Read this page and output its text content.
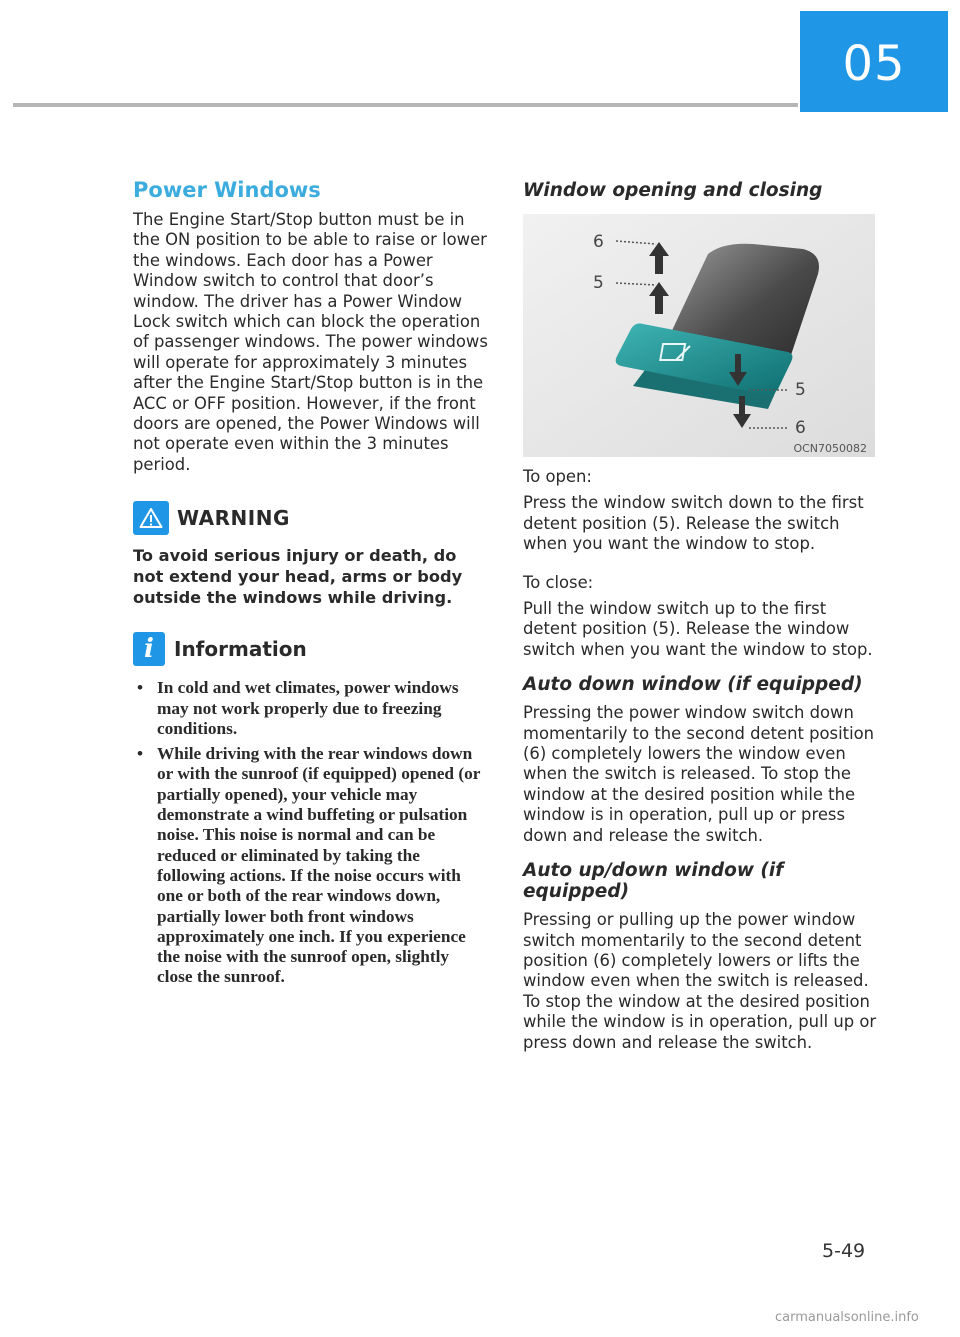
05
Power Windows

The Engine Start/Stop button must be in the ON position to be able to raise or lower the windows. Each door has a Power Window switch to control that door’s window. The driver has a Power Window Lock switch which can block the operation of passenger windows. The power windows will operate for approximately 3 minutes after the Engine Start/Stop button is in the ACC or OFF position. However, if the front doors are opened, the Power Windows will not operate even within the 3 minutes period.

WARNING

To avoid serious injury or death, do not extend your head, arms or body outside the windows while driving.

i	Information
• In cold and wet climates, power windows may not work properly due to freezing conditions.
• While driving with the rear windows down or with the sunroof (if equipped) opened (or partially opened), your vehicle may demonstrate a wind buffeting or pulsation noise. This noise is normal and can be reduced or eliminated by taking the following actions. If the noise occurs with one or both of the rear windows down, partially lower both front windows approximately one inch. If you experience the noise with the sunroof open, slightly close the sunroof.
Window opening and closing
6
5
5
6
OCN7050082

To open:

Press the window switch down to the first detent position (5). Release the switch when you want the window to stop.

To close:

Pull the window switch up to the first detent position (5). Release the window switch when you want the window to stop.

Auto down window (if equipped)

Pressing the power window switch down momentarily to the second detent position (6) completely lowers the window even when the switch is released. To stop the window at the desired position while the window is in operation, pull up or press down and release the switch.

Auto up/down window (if equipped)

Pressing or pulling up the power window switch momentarily to the second detent position (6) completely lowers or lifts the window even when the switch is released. To stop the window at the desired position while the window is in operation, pull up or press down and release the switch.

5-49
carmanualsonline.info
